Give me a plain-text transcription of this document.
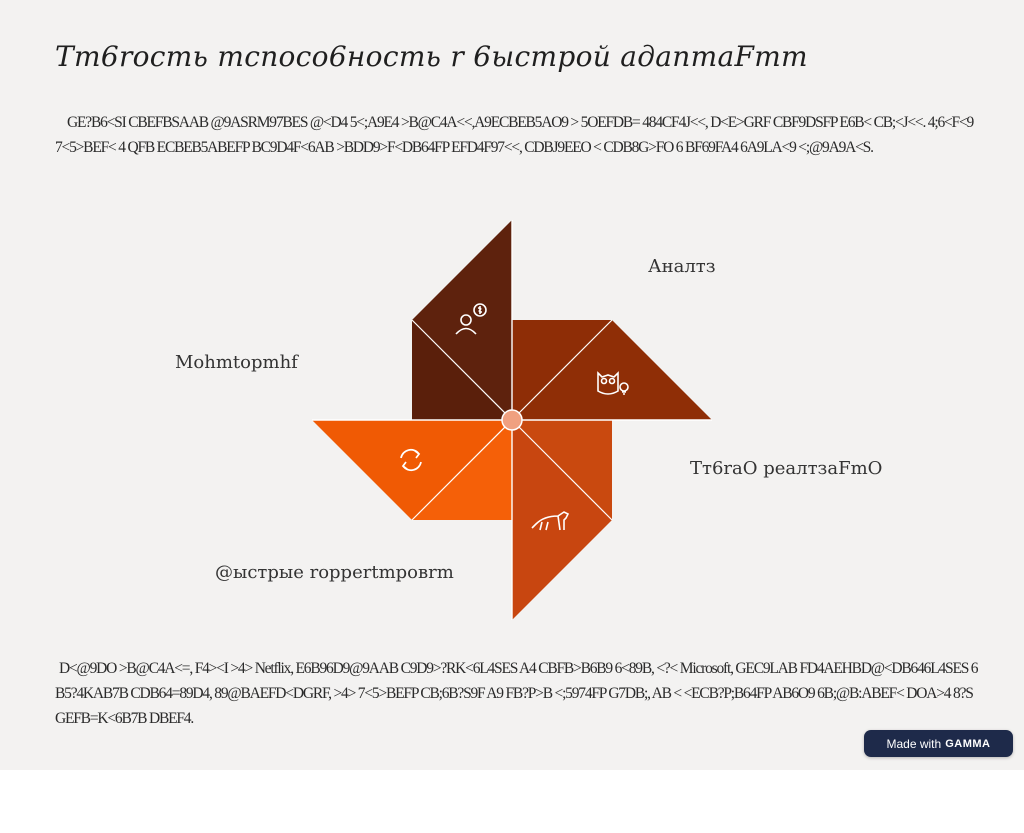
Тт6rость тспосо6ность r 6ыстрой адаптаFтт

GE?B6<SI CBEFBSAAB @9ASRM97BES @<D4 5<;A9E4 >B@C4A<<,A9ECBEB5AO9 > 5OEFDB= 484CF4J<<, D<E>GRF CBF9DSFP E6B< CB;<J<<. 4;6<F<9 7<5>BEF< 4 QFB ECBEB5ABEFP BC9D4F<6AB >BDD9>F<DB64FP EFD4F97<<, CDBJ9EEO < CDB8G>FO 6 BF69FA4 6A9LA<9 <;@9A9A<S.

Аналтз
Mohmtopmhf
Тт6raO реалтзаFmO
@ыстрые roppertmpoвrm

D<@9DO >B@C4A<=, F4><I >4> Netflix, E6B96D9@9AAB C9D9>?RK<6L4SES A4 CBFB>B6B9 6<89B, <?< Microsoft, GEC9LAB FD4AEHBD@<DB646L4SES 6 B5?4KAB7B CDB64=89D4, 89@BAEFD<DGRF, >4> 7<5>BEFP CB;6B?S9F A9 FB?P>B <;5974FP G7DB;, AB < <ECB?P;B64FP AB6O9 6B;@B:ABEF< DOA>4 8?S GEFB=K<6B7B DBEF4.

Made with GAMMA
